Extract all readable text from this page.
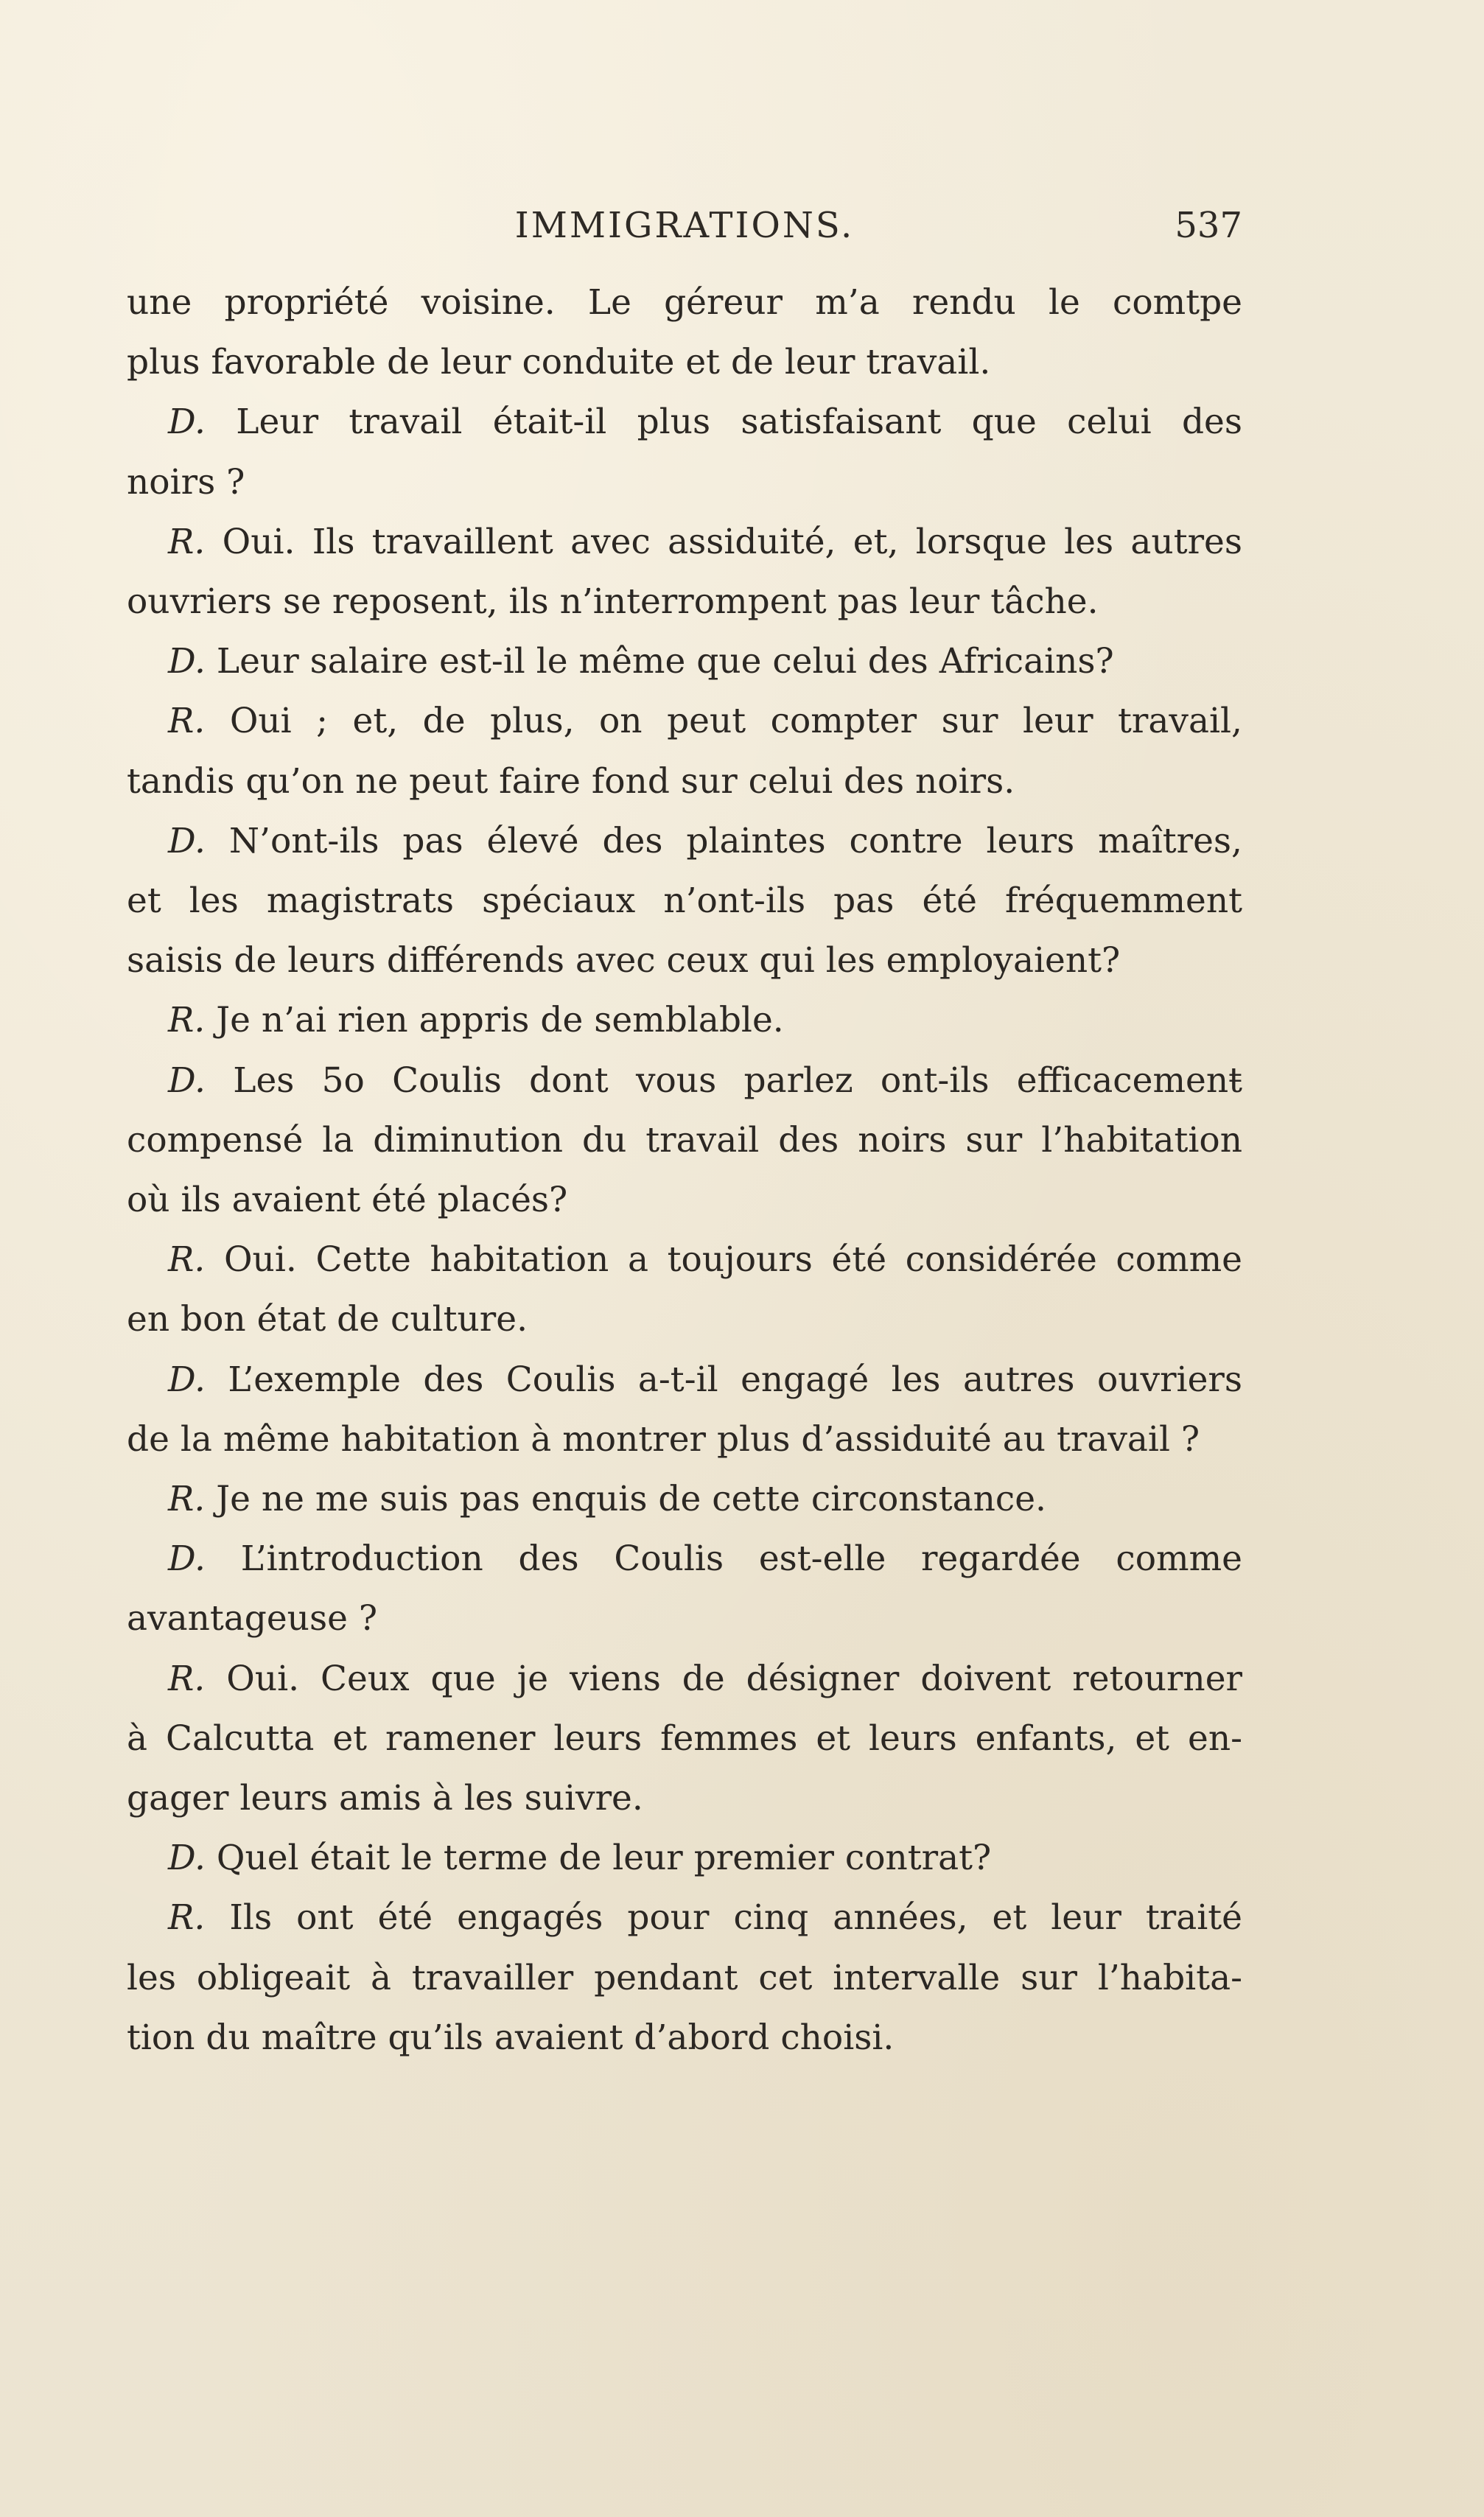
IMMIGRATIONS.	537
une propriété voisine. Le géreur m’a rendu le comtpe
plus favorable de leur conduite et de leur travail.
D. Leur travail était-il plus satisfaisant que celui des
noirs ?
R. Oui. Ils travaillent avec assiduité, et, lorsque les autres
ouvriers se reposent, ils n’interrompent pas leur tâche.
D. Leur salaire est-il le même que celui des Africains?
R. Oui ; et, de plus, on peut compter sur leur travail,
tandis qu’on ne peut faire fond sur celui des noirs.
D. N’ont-ils pas élevé des plaintes contre leurs maîtres,
et les magistrats spéciaux n’ont-ils pas été fréquemment
saisis de leurs différends avec ceux qui les employaient?
R. Je n’ai rien appris de semblable.
D. Les 5o Coulis dont vous parlez ont-ils efficacemenŧ
compensé la diminution du travail des noirs sur l’habitation
où ils avaient été placés?
R. Oui. Cette habitation a toujours été considérée comme
en bon état de culture.
D. L’exemple des Coulis a-t-il engagé les autres ouvriers
de la même habitation à montrer plus d’assiduité au travail ?
R. Je ne me suis pas enquis de cette circonstance.
D. L’introduction des Coulis est-elle regardée comme
avantageuse ?
R. Oui. Ceux que je viens de désigner doivent retourner
à Calcutta et ramener leurs femmes et leurs enfants, et en-
gager leurs amis à les suivre.
D. Quel était le terme de leur premier contrat?
R. Ils ont été engagés pour cinq années, et leur traité
les obligeait à travailler pendant cet intervalle sur l’habita-
tion du maître qu’ils avaient d’abord choisi.
